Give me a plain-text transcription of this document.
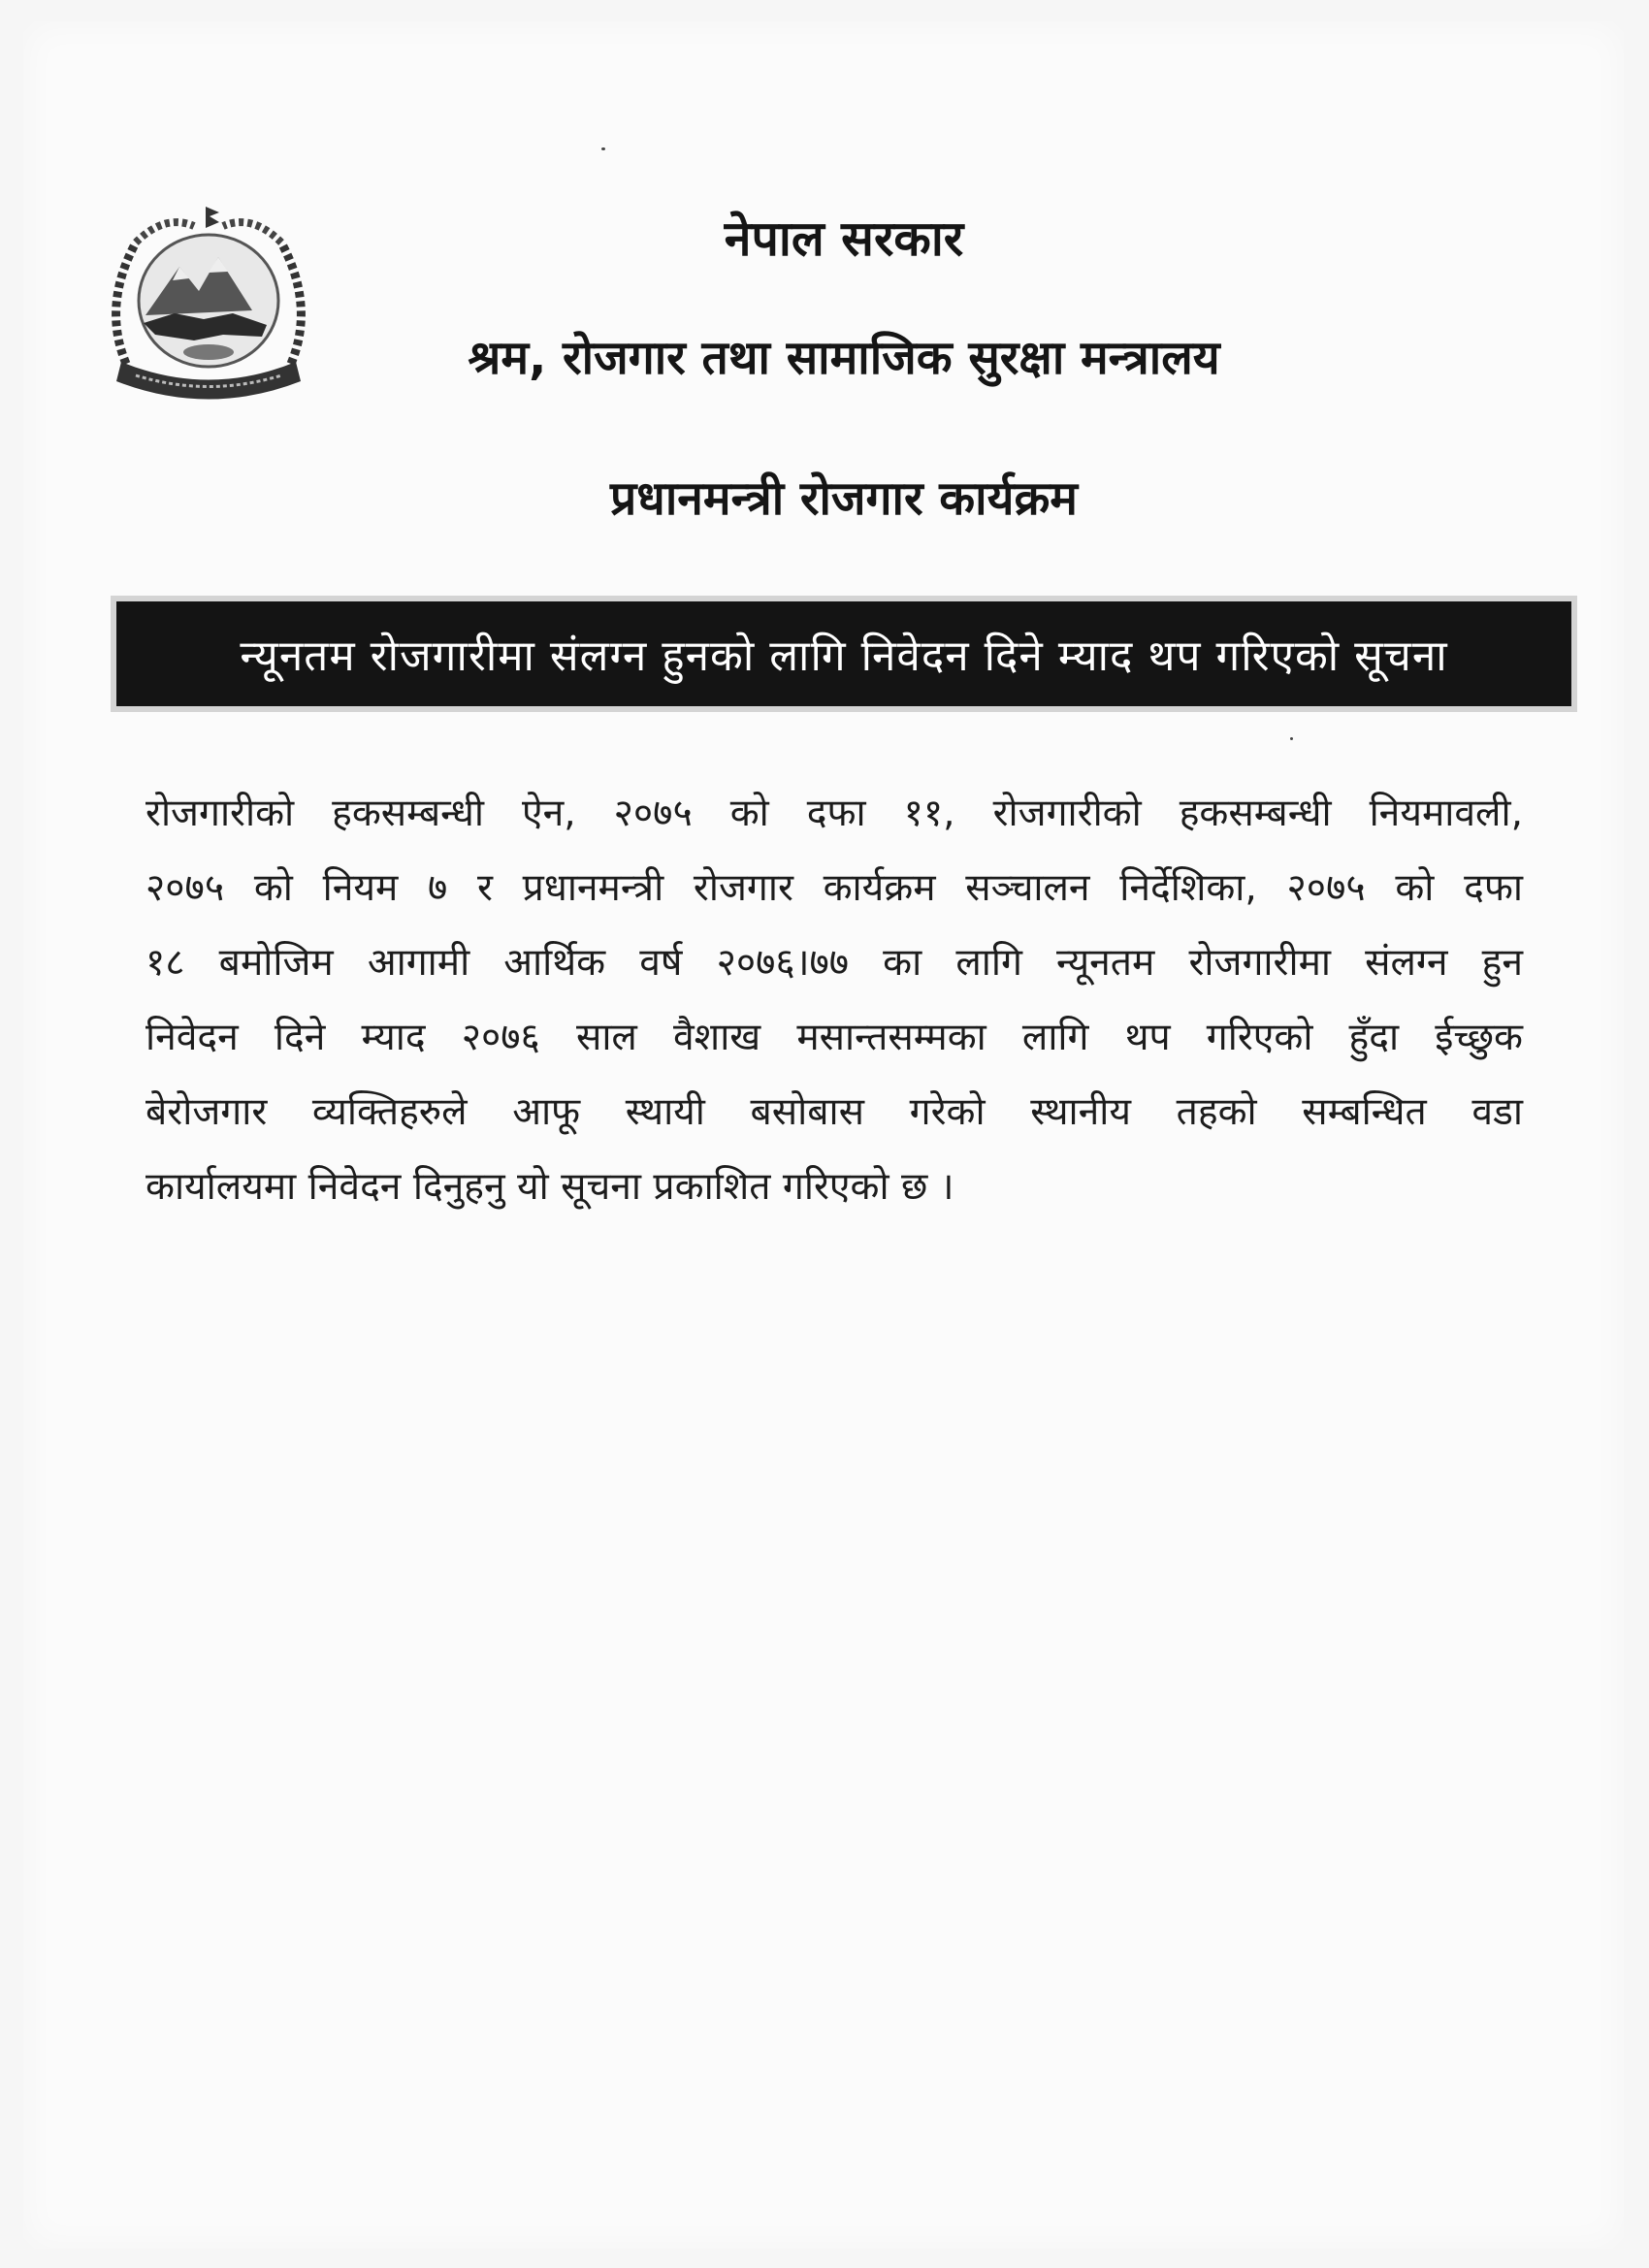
नेपाल सरकार
श्रम, रोजगार तथा सामाजिक सुरक्षा मन्त्रालय
प्रधानमन्त्री रोजगार कार्यक्रम
न्यूनतम रोजगारीमा संलग्न हुनको लागि निवेदन दिने म्याद थप गरिएको सूचना
रोजगारीको हकसम्बन्धी ऐन, २०७५ को दफा ११, रोजगारीको हकसम्बन्धी नियमावली,
२०७५ को नियम ७ र प्रधानमन्त्री रोजगार कार्यक्रम सञ्चालन निर्देशिका, २०७५ को दफा
१८ बमोजिम आगामी आर्थिक वर्ष २०७६।७७ का लागि न्यूनतम रोजगारीमा संलग्न हुन
निवेदन दिने म्याद २०७६ साल वैशाख मसान्तसम्मका लागि थप गरिएको हुँदा ईच्छुक
बेरोजगार व्यक्तिहरुले आफू स्थायी बसोबास गरेको स्थानीय तहको सम्बन्धित वडा
कार्यालयमा निवेदन दिनुहनु यो सूचना प्रकाशित गरिएको छ ।
